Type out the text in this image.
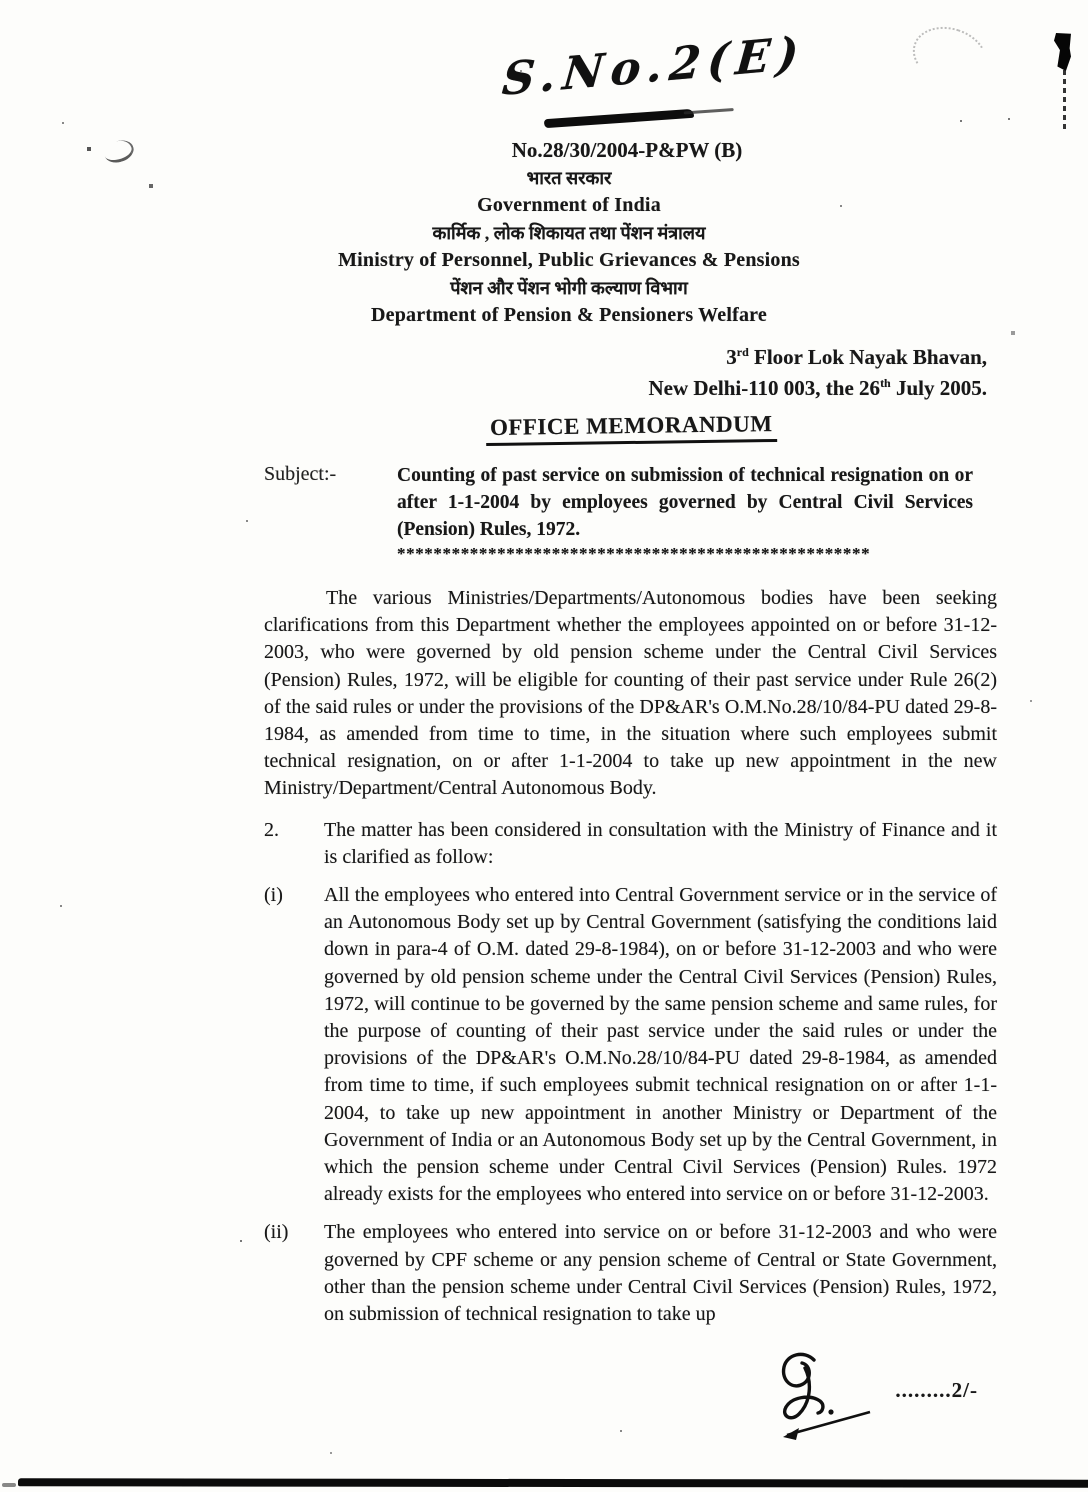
S.No.2(E)
No.28/30/2004-P&PW (B)
भारत सरकार
Government of India
कार्मिक , लोक शिकायत तथा पेंशन मंत्रालय
Ministry of Personnel, Public Grievances & Pensions
पेंशन और पेंशन भोगी कल्याण विभाग
Department of Pension & Pensioners Welfare
3rd Floor Lok Nayak Bhavan,
New Delhi-110 003, the 26th July 2005.
OFFICE MEMORANDUM
Subject:-	Counting of past service on submission of technical resignation on or after 1-1-2004 by employees governed by Central Civil Services (Pension) Rules, 1972.
****************************************************

The various Ministries/Departments/Autonomous bodies have been seeking clarifications from this Department whether the employees appointed on or before 31-12-2003, who were governed by old pension scheme under the Central Civil Services (Pension) Rules, 1972, will be eligible for counting of their past service under Rule 26(2) of the said rules or under the provisions of the DP&AR's O.M.No.28/10/84-PU dated 29-8-1984, as amended from time to time, in the situation where such employees submit technical resignation, on or after 1-1-2004 to take up new appointment in the new Ministry/Department/Central Autonomous Body.

2.	The matter has been considered in consultation with the Ministry of Finance and it is clarified as follow:
(i)	All the employees who entered into Central Government service or in the service of an Autonomous Body set up by Central Government (satisfying the conditions laid down in para-4 of O.M. dated 29-8-1984), on or before 31-12-2003 and who were governed by old pension scheme under the Central Civil Services (Pension) Rules, 1972, will continue to be governed by the same pension scheme and same rules, for the purpose of counting of their past service under the said rules or under the provisions of the DP&AR's O.M.No.28/10/84-PU dated 29-8-1984, as amended from time to time, if such employees submit technical resignation on or after 1-1-2004, to take up new appointment in another Ministry or Department of the Government of India or an Autonomous Body set up by the Central Government, in which the pension scheme under Central Civil Services (Pension) Rules. 1972 already exists for the employees who entered into service on or before 31-12-2003.
(ii)	The employees who entered into service on or before 31-12-2003 and who were governed by CPF scheme or any pension scheme of Central or State Government, other than the pension scheme under Central Civil Services (Pension) Rules, 1972, on submission of technical resignation to take up
.........2/-
